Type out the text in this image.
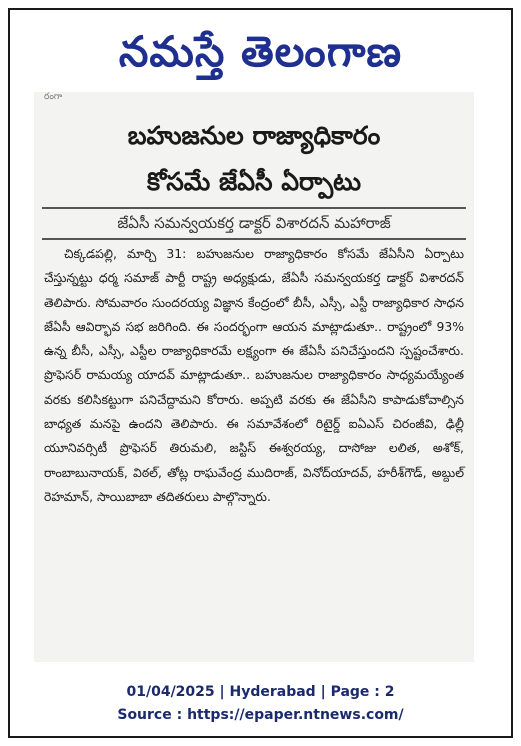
నమస్తే తెలంగాణ
రంగా
బహుజనుల రాజ్యాధికారం
కోసమే జేఏసీ ఏర్పాటు
జేఏసీ సమన్వయకర్త డాక్టర్ విశారదన్ మహారాజ్
చిక్కడపల్లి, మార్చి 31: బహుజనుల రాజ్యాధికారం కోసమే జేఏసీని ఏర్పాటు చేస్తున్నట్టు ధర్మ సమాజ్ పార్టీ రాష్ట్ర అధ్యక్షుడు, జేఏసీ సమన్వయకర్త డాక్టర్ విశారదన్ తెలిపారు. సోమవారం సుందరయ్య విజ్ఞాన కేంద్రంలో బీసీ, ఎస్సీ, ఎస్టీ రాజ్యాధికార సాధన జేఏసీ ఆవిర్భావ సభ జరిగింది. ఈ సందర్భంగా ఆయన మాట్లాడుతూ.. రాష్ట్రంలో 93% ఉన్న బీసీ, ఎస్సీ, ఎస్టీల రాజ్యాధికారమే లక్ష్యంగా ఈ జేఏసీ పనిచేస్తుందని స్పష్టంచేశారు. ప్రొఫెసర్ రామయ్య యాదవ్ మాట్లాడుతూ.. బహుజనుల రాజ్యాధికారం సాధ్యమయ్యేంత వరకు కలిసికట్టుగా పనిచేద్దామని కోరారు. అప్పటి వరకు ఈ జేఏసీని కాపాడుకోవాల్సిన బాధ్యత మనపై ఉందని తెలిపారు. ఈ సమావేశంలో రిటైర్డ్ ఐఏఎస్ చిరంజీవి, ఢిల్లీ యూనివర్సిటీ ప్రొఫెసర్ తిరుమలి, జస్టిస్ ఈశ్వరయ్య, దాసోజు లలిత, అశోక్, రాంబాబునాయక్, విఠల్, తోట్ల రాఘవేంద్ర ముదిరాజ్, వినోద్‌యాదవ్, హరీశ్‌గౌడ్, అబ్దుల్ రెహమాన్, సాయిబాబా తదితరులు పాల్గొన్నారు.
01/04/2025 | Hyderabad | Page : 2
Source : https://epaper.ntnews.com/
